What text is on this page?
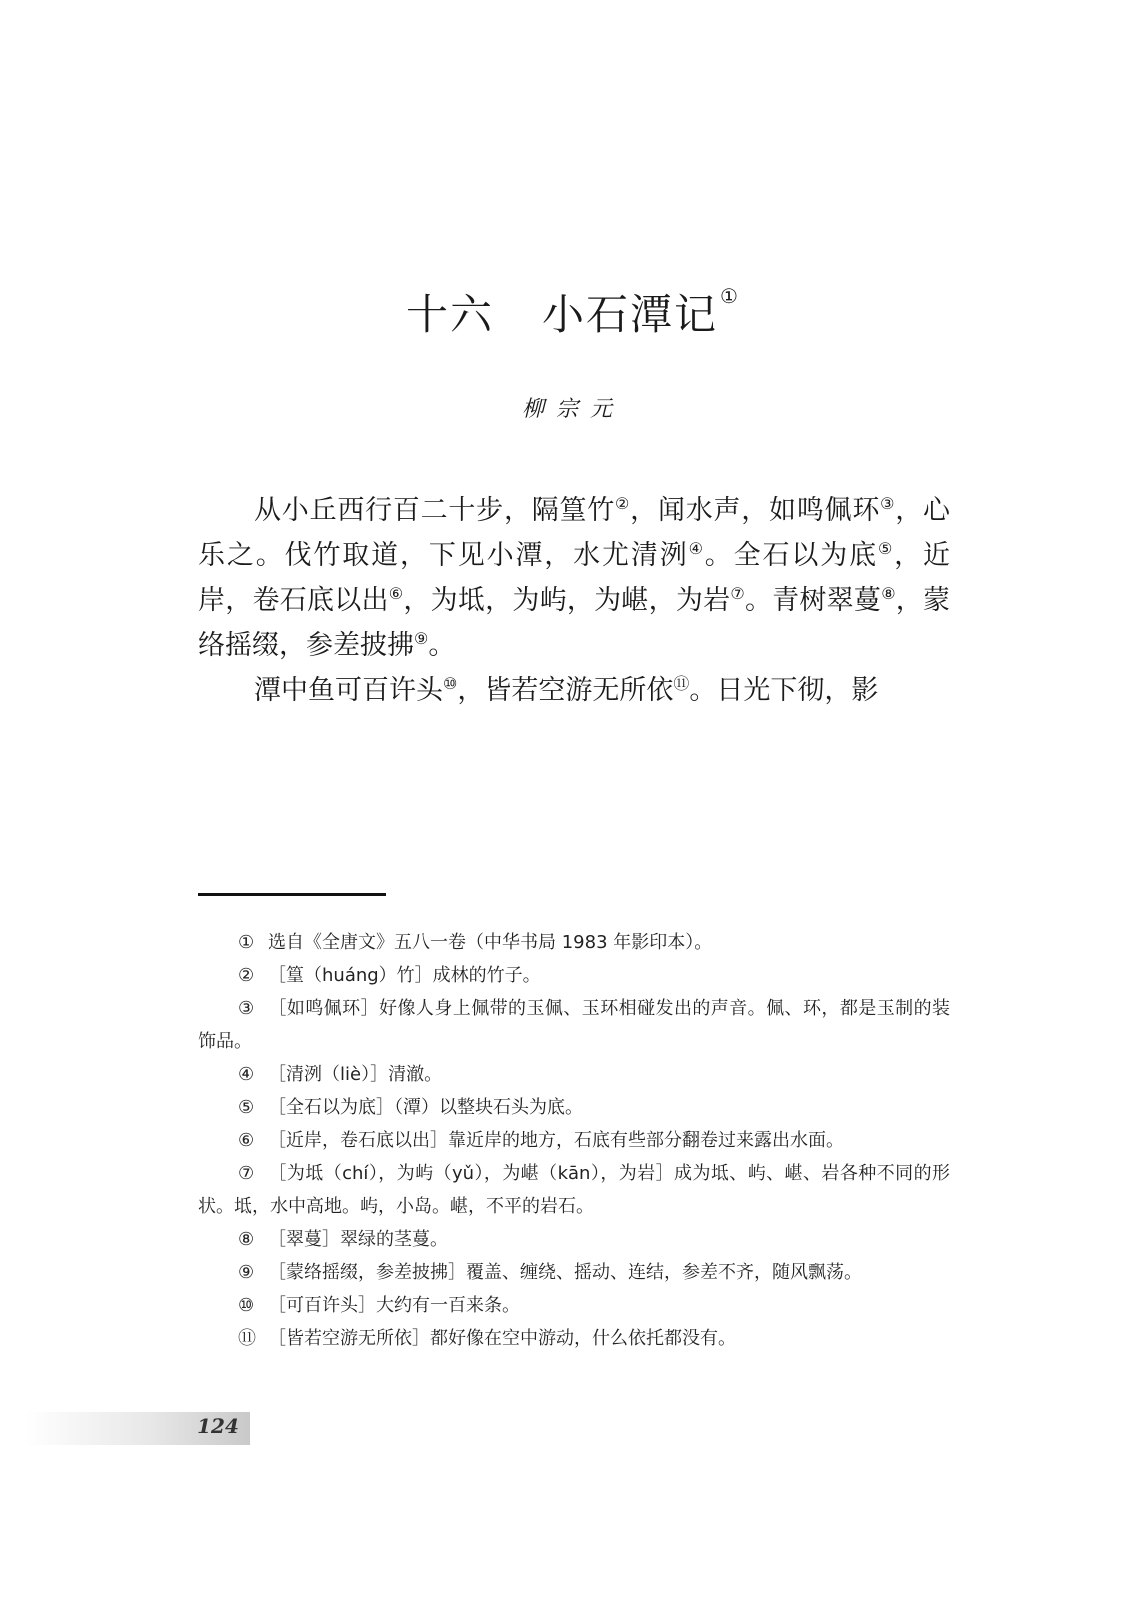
十六 小石潭记 ①
柳宗元

从小丘西行百二十步，隔篁竹②，闻水声，如鸣佩环③，心乐之。伐竹取道，下见小潭，水尤清洌④。全石以为底⑤，近岸，卷石底以出⑥，为坻，为屿，为嵁，为岩⑦。青树翠蔓⑧，蒙络摇缀，参差披拂⑨。

潭中鱼可百许头⑩，皆若空游无所依⑪。日光下彻，影

① 选自《全唐文》五八一卷（中华书局 1983 年影印本）。

② ［篁（huáng）竹］成林的竹子。

③ ［如鸣佩环］好像人身上佩带的玉佩、玉环相碰发出的声音。佩、环，都是玉制的装饰品。

④ ［清洌（liè）］清澈。

⑤ ［全石以为底］（潭）以整块石头为底。

⑥ ［近岸，卷石底以出］靠近岸的地方，石底有些部分翻卷过来露出水面。

⑦ ［为坻（chí），为屿（yǔ），为嵁（kān），为岩］成为坻、屿、嵁、岩各种不同的形状。坻，水中高地。屿，小岛。嵁，不平的岩石。

⑧ ［翠蔓］翠绿的茎蔓。

⑨ ［蒙络摇缀，参差披拂］覆盖、缠绕、摇动、连结，参差不齐，随风飘荡。

⑩ ［可百许头］大约有一百来条。

⑪ ［皆若空游无所依］都好像在空中游动，什么依托都没有。

124
